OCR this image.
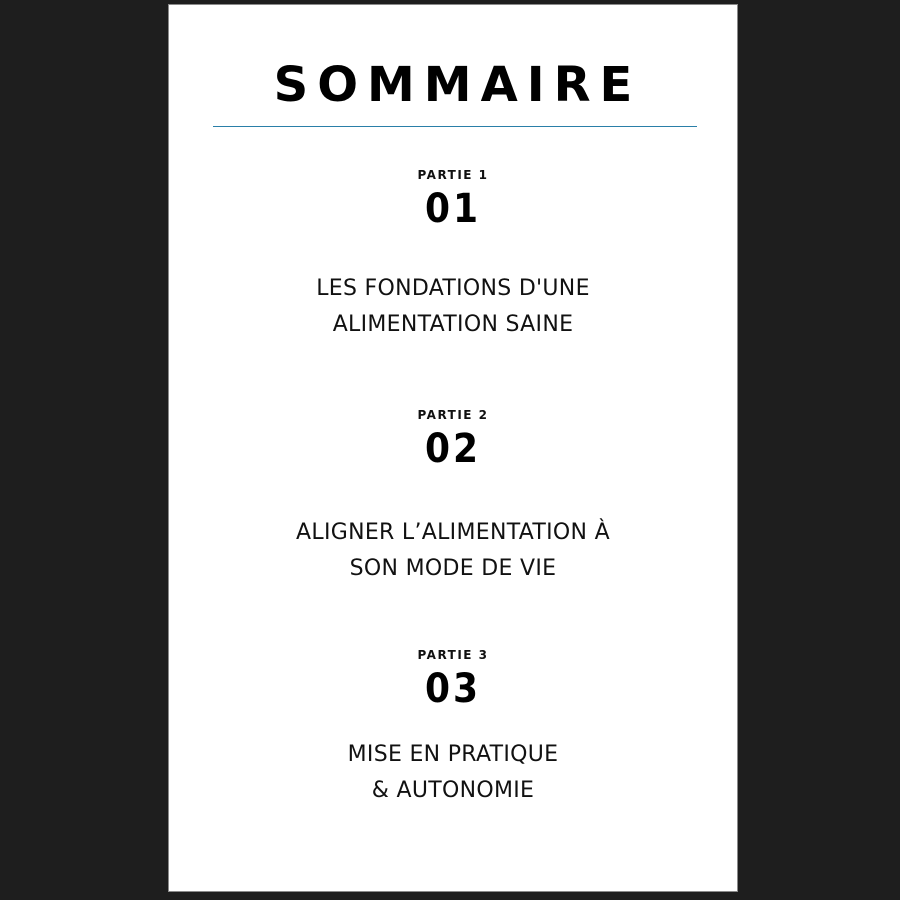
SOMMAIRE
PARTIE 1
01
LES FONDATIONS D'UNE
ALIMENTATION SAINE
PARTIE 2
02
ALIGNER L’ALIMENTATION À
SON MODE DE VIE
PARTIE 3
03
MISE EN PRATIQUE
& AUTONOMIE
